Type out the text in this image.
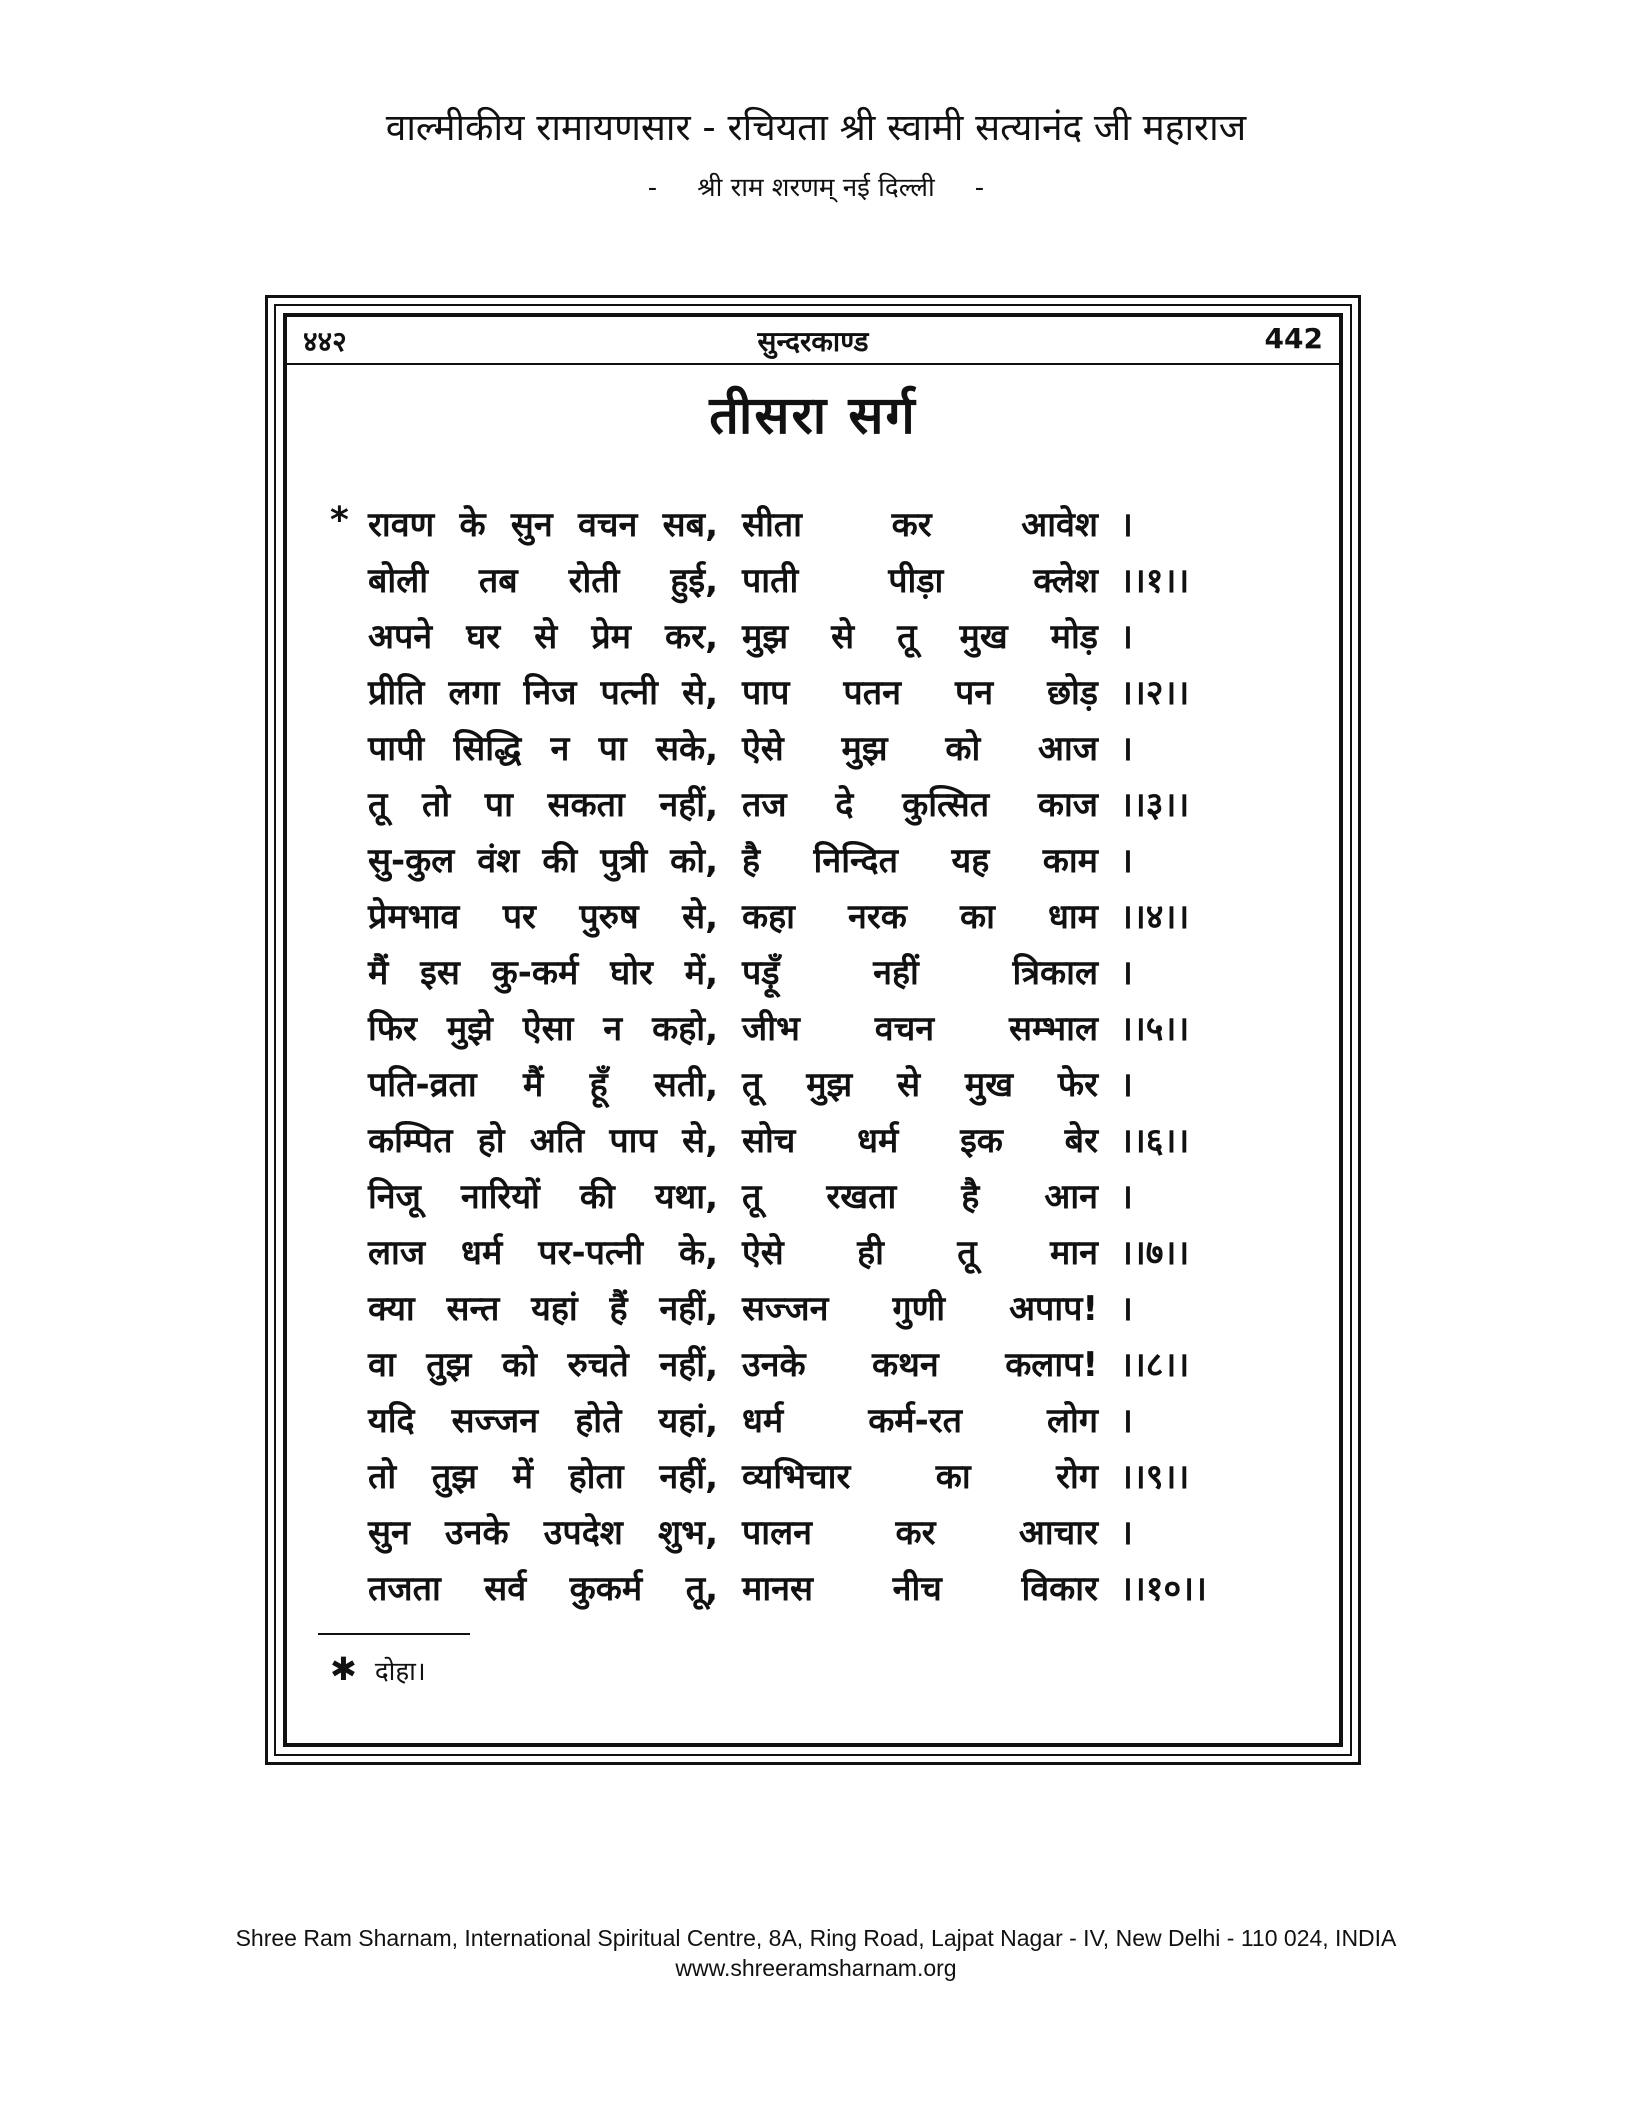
वाल्मीकीय रामायणसार - रचियता श्री स्वामी सत्यानंद जी महाराज
- श्री राम शरणम् नई दिल्ली -
४४२	सुन्दरकाण्ड	442
तीसरा सर्ग
* रावण के सुन वचन सब, सीता कर आवेश ।
बोली तब रोती हुई, पाती पीड़ा क्लेश ।।१।।
अपने घर से प्रेम कर, मुझ से तू मुख मोड़ ।
प्रीति लगा निज पत्नी से, पाप पतन पन छोड़ ।।२।।
पापी सिद्धि न पा सके, ऐसे मुझ को आज ।
तू तो पा सकता नहीं, तज दे कुत्सित काज ।।३।।
सु-कुल वंश की पुत्री को, है निन्दित यह काम ।
प्रेमभाव पर पुरुष से, कहा नरक का धाम ।।४।।
मैं इस कु-कर्म घोर में, पड़ूँ नहीं त्रिकाल ।
फिर मुझे ऐसा न कहो, जीभ वचन सम्भाल ।।५।।
पति-व्रता मैं हूँ सती, तू मुझ से मुख फेर ।
कम्पित हो अति पाप से, सोच धर्म इक बेर ।।६।।
निजू नारियों की यथा, तू रखता है आन ।
लाज धर्म पर-पत्नी के, ऐसे ही तू मान ।।७।।
क्या सन्त यहां हैं नहीं, सज्जन गुणी अपाप! ।
वा तुझ को रुचते नहीं, उनके कथन कलाप! ।।८।।
यदि सज्जन होते यहां, धर्म कर्म-रत लोग ।
तो तुझ में होता नहीं, व्यभिचार का रोग ।।९।।
सुन उनके उपदेश शुभ, पालन कर आचार ।
तजता सर्व कुकर्म तू, मानस नीच विकार ।।१०।।
✱ दोहा।
Shree Ram Sharnam, International Spiritual Centre, 8A, Ring Road, Lajpat Nagar - IV, New Delhi - 110 024, INDIA
www.shreeramsharnam.org
